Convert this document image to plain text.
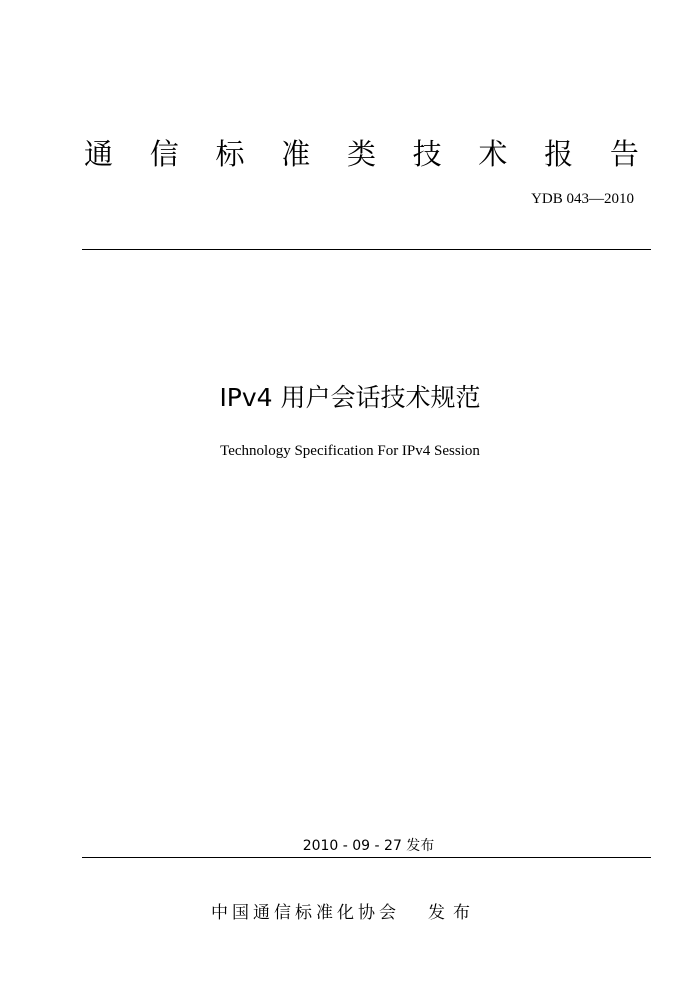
通 信 标 准 类 技 术 报 告
YDB 043—2010
IPv4 用户会话技术规范
Technology Specification For IPv4 Session
2010 - 09 - 27 发布
中国通信标准化协会 发布
